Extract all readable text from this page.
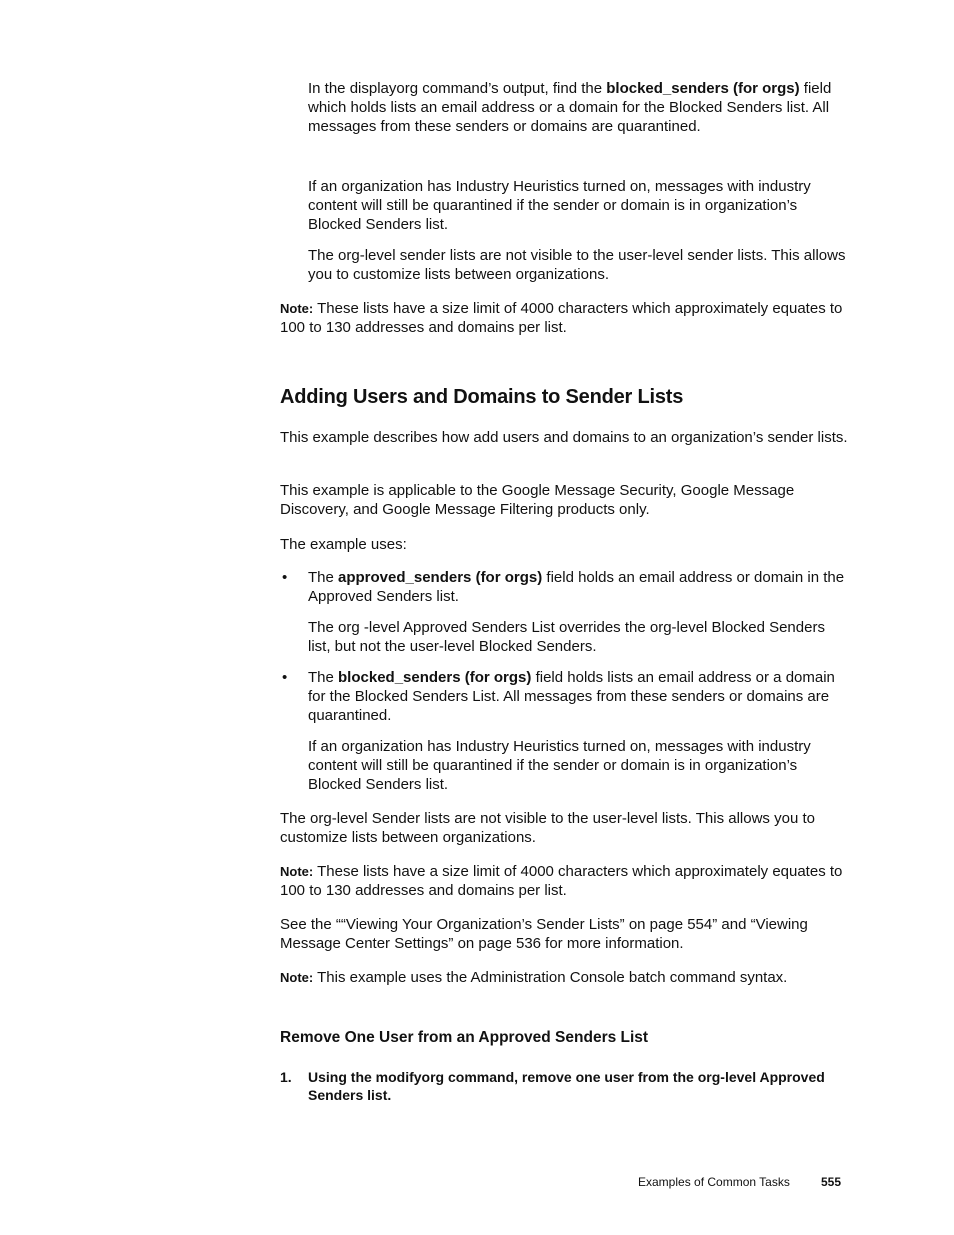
In the displayorg command’s output, find the blocked_senders (for orgs) field which holds lists an email address or a domain for the Blocked Senders list. All messages from these senders or domains are quarantined.

If an organization has Industry Heuristics turned on, messages with industry content will still be quarantined if the sender or domain is in organization’s Blocked Senders list.

The org-level sender lists are not visible to the user-level sender lists. This allows you to customize lists between organizations.

Note: These lists have a size limit of 4000 characters which approximately equates to 100 to 130 addresses and domains per list.

Adding Users and Domains to Sender Lists

This example describes how add users and domains to an organization’s sender lists.

This example is applicable to the Google Message Security, Google Message Discovery, and Google Message Filtering products only.

The example uses:

• The approved_senders (for orgs) field holds an email address or domain in the Approved Senders list.

The org -level Approved Senders List overrides the org-level Blocked Senders list, but not the user-level Blocked Senders.

• The blocked_senders (for orgs) field holds lists an email address or a domain for the Blocked Senders List. All messages from these senders or domains are quarantined.

If an organization has Industry Heuristics turned on, messages with industry content will still be quarantined if the sender or domain is in organization’s Blocked Senders list.

The org-level Sender lists are not visible to the user-level lists. This allows you to customize lists between organizations.

Note: These lists have a size limit of 4000 characters which approximately equates to 100 to 130 addresses and domains per list.

See the ““Viewing Your Organization’s Sender Lists” on page 554” and “Viewing Message Center Settings” on page 536 for more information.

Note: This example uses the Administration Console batch command syntax.

Remove One User from an Approved Senders List
1. Using the modifyorg command, remove one user from the org-level Approved Senders list.

Examples of Common Tasks	555
